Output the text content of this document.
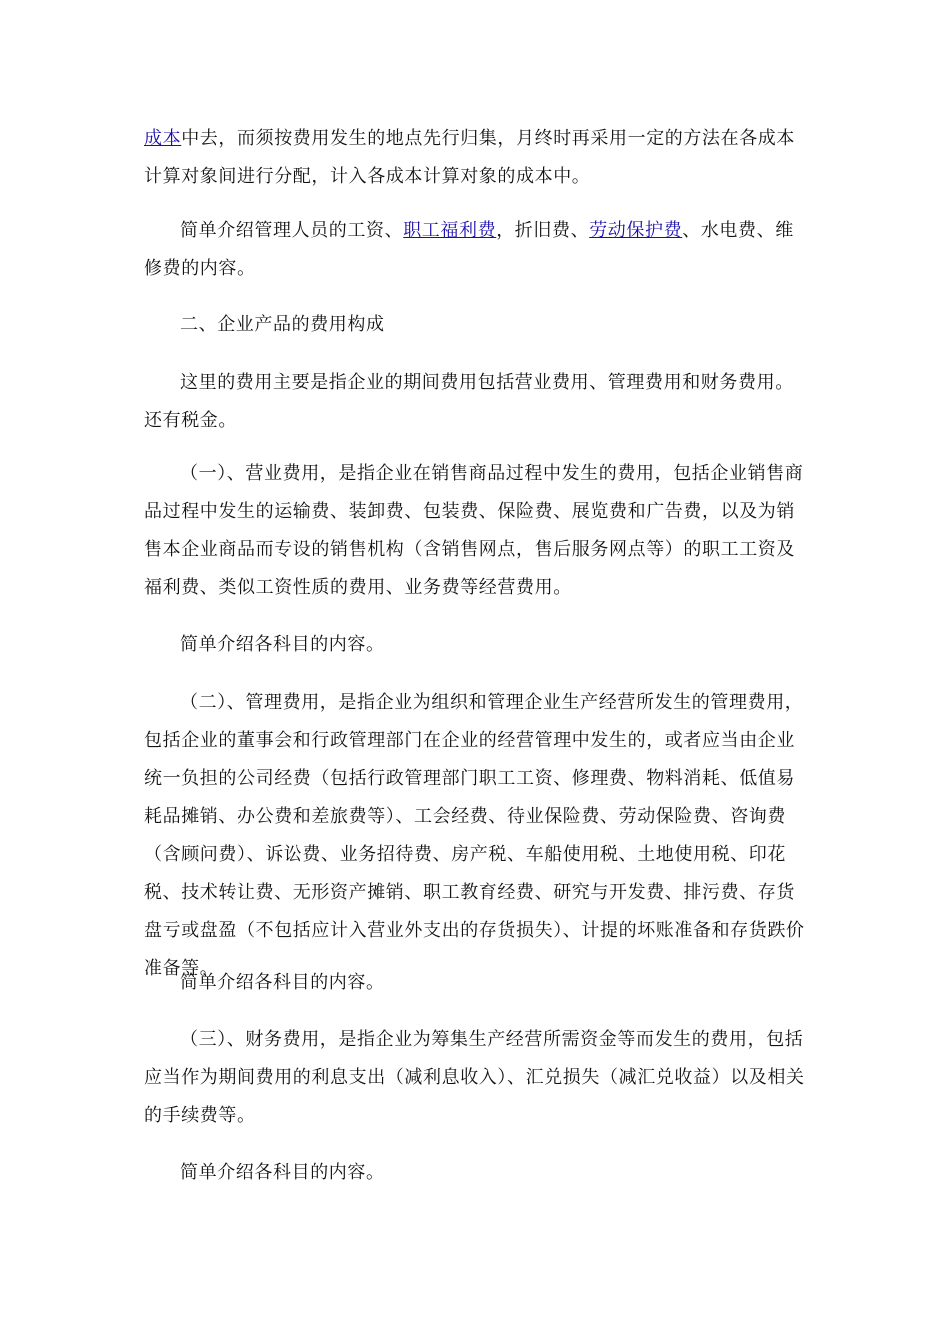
成本中去，而须按费用发生的地点先行归集，月终时再采用一定的方法在各成本计算对象间进行分配，计入各成本计算对象的成本中。

简单介绍管理人员的工资、职工福利费，折旧费、劳动保护费、水电费、维修费的内容。

二、企业产品的费用构成

这里的费用主要是指企业的期间费用包括营业费用、管理费用和财务费用。还有税金。

（一）、营业费用，是指企业在销售商品过程中发生的费用，包括企业销售商品过程中发生的运输费、装卸费、包装费、保险费、展览费和广告费，以及为销售本企业商品而专设的销售机构（含销售网点，售后服务网点等）的职工工资及福利费、类似工资性质的费用、业务费等经营费用。

简单介绍各科目的内容。

（二）、管理费用，是指企业为组织和管理企业生产经营所发生的管理费用，包括企业的董事会和行政管理部门在企业的经营管理中发生的，或者应当由企业统一负担的公司经费（包括行政管理部门职工工资、修理费、物料消耗、低值易耗品摊销、办公费和差旅费等）、工会经费、待业保险费、劳动保险费、咨询费（含顾问费）、诉讼费、业务招待费、房产税、车船使用税、土地使用税、印花税、技术转让费、无形资产摊销、职工教育经费、研究与开发费、排污费、存货盘亏或盘盈（不包括应计入营业外支出的存货损失）、计提的坏账准备和存货跌价准备等。

简单介绍各科目的内容。

（三）、财务费用，是指企业为筹集生产经营所需资金等而发生的费用，包括应当作为期间费用的利息支出（减利息收入）、汇兑损失（减汇兑收益）以及相关的手续费等。

简单介绍各科目的内容。
